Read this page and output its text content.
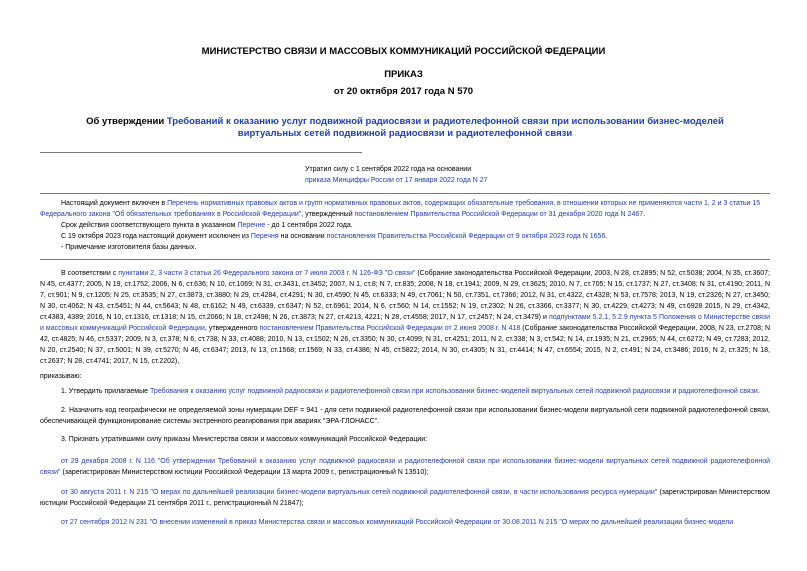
МИНИСТЕРСТВО СВЯЗИ И МАССОВЫХ КОММУНИКАЦИЙ РОССИЙСКОЙ ФЕДЕРАЦИИ
ПРИКАЗ
от 20 октября 2017 года N 570
Об утверждении Требований к оказанию услуг подвижной радиосвязи и радиотелефонной связи при использовании бизнес-моделей виртуальных сетей подвижной радиосвязи и радиотелефонной связи
Утратил силу с 1 сентября 2022 года на основании
приказа Минцифры России от 17 января 2022 года N 27
Настоящий документ включен в Перечень нормативных правовых актов и групп нормативных правовых актов, содержащих обязательные требования, в отношении которых не применяются части 1, 2 и 3 статьи 15 Федерального закона "Об обязательных требованиях в Российской Федерации", утвержденный постановлением Правительства Российской Федерации от 31 декабря 2020 года N 2467.
Срок действия соответствующего пункта в указанном Перечне - до 1 сентября 2022 года.
С 19 октября 2023 года настоящий документ исключен из Перечня на основании постановления Правительства Российской Федерации от 9 октября 2023 года N 1656.
- Примечание изготовителя базы данных.
В соответствии с пунктами 2, 3 части 3 статьи 26 Федерального закона от 7 июля 2003 г. N 126-ФЗ "О связи" (Собрание законодательства Российской Федерации, 2003, N 28, ст.2895; N 52, ст.5038; 2004, N 35, ст.3607; N 45, ст.4377; 2005, N 19, ст.1752; 2006, N 6, ст.636; N 10, ст.1069; N 31, ст.3431, ст.3452; 2007, N 1, ст.8; N 7, ст.835; 2008, N 18, ст.1941; 2009, N 29, ст.3625; 2010, N 7, ст.705; N 15, ст.1737; N 27, ст.3408; N 31, ст.4190; 2011, N 7, ст.901; N 9, ст.1205; N 25, ст.3535; N 27, ст.3873, ст.3880; N 29, ст.4284, ст.4291; N 30, ст.4590; N 45, ст.6333; N 49, ст.7061; N 50, ст.7351, ст.7366; 2012, N 31, ст.4322, ст.4328; N 53, ст.7578; 2013, N 19, ст.2326; N 27, ст.3450; N 30, ст.4062; N 43, ст.5451; N 44, ст.5643; N 48, ст.6162; N 49, ст.6339, ст.6347; N 52, ст.6961; 2014, N 6, ст.560; N 14, ст.1552; N 19, ст.2302; N 26, ст.3366, ст.3377; N 30, ст.4229, ст.4273; N 49, ст.6928 2015, N 29, ст.4342, ст.4383, 4389; 2016, N 10, ст.1316, ст.1318; N 15, ст.2066; N 18, ст.2498; N 26, ст.3873; N 27, ст.4213, 4221; N 28, ст.4558; 2017, N 17, ст.2457; N 24, ст.3479) и подпунктами 5.2.1, 5.2.9 пункта 5 Положения о Министерстве связи и массовых коммуникаций Российской Федерации, утвержденного постановлением Правительства Российской Федерации от 2 июня 2008 г. N 418 (Собрание законодательства Российской Федерации, 2008, N 23, ст.2708; N 42, ст.4825; N 46, ст.5337; 2009, N 3, ст.378; N 6, ст.738; N 33, ст.4088; 2010, N 13, ст.1502; N 26, ст.3350; N 30, ст.4099; N 31, ст.4251; 2011, N 2, ст.338; N 3, ст.542; N 14, ст.1935; N 21, ст.2965; N 44, ст.6272; N 49, ст.7283; 2012, N 20, ст.2540; N 37, ст.5001; N 39, ст.5270; N 46, ст.6347; 2013, N 13, ст.1568; ст.1569; N 33, ст.4386; N 45, ст.5822; 2014, N 30, ст.4305; N 31, ст.4414; N 47, ст.6554; 2015, N 2, ст.491; N 24, ст.3486; 2016, N 2, ст.325; N 18, ст.2637; N 28, ст.4741; 2017, N 15, ст.2202),
приказываю:
1. Утвердить прилагаемые Требования к оказанию услуг подвижной радиосвязи и радиотелефонной связи при использовании бизнес-моделей виртуальных сетей подвижной радиосвязи и радиотелефонной связи.
2. Назначить код географически не определяемой зоны нумерации DEF = 941 - для сети подвижной радиотелефонной связи при использовании бизнес-модели виртуальной сети подвижной радиотелефонной связи, обеспечивающей функционирование системы экстренного реагирования при авариях "ЭРА-ГЛОНАСС".
3. Признать утратившими силу приказы Министерства связи и массовых коммуникаций Российской Федерации:
от 29 декабря 2008 г. N 116 "Об утверждении Требований к оказанию услуг подвижной радиосвязи и радиотелефонной связи при использовании бизнес-модели виртуальных сетей подвижной радиотелефонной связи" (зарегистрирован Министерством юстиции Российской Федерации 13 марта 2009 г., регистрационный N 13510);
от 30 августа 2011 г. N 215 "О мерах по дальнейшей реализации бизнес-модели виртуальных сетей подвижной радиотелефонной связи, в части использования ресурса нумерации" (зарегистрирован Министерством юстиции Российской Федерации 21 сентября 2011 г., регистрационный N 21847);
от 27 сентября 2012 N 231 "О внесении изменений в приказ Министерства связи и массовых коммуникаций Российской Федерации от 30.08.2011 N 215 "О мерах по дальнейшей реализации бизнес-модели
